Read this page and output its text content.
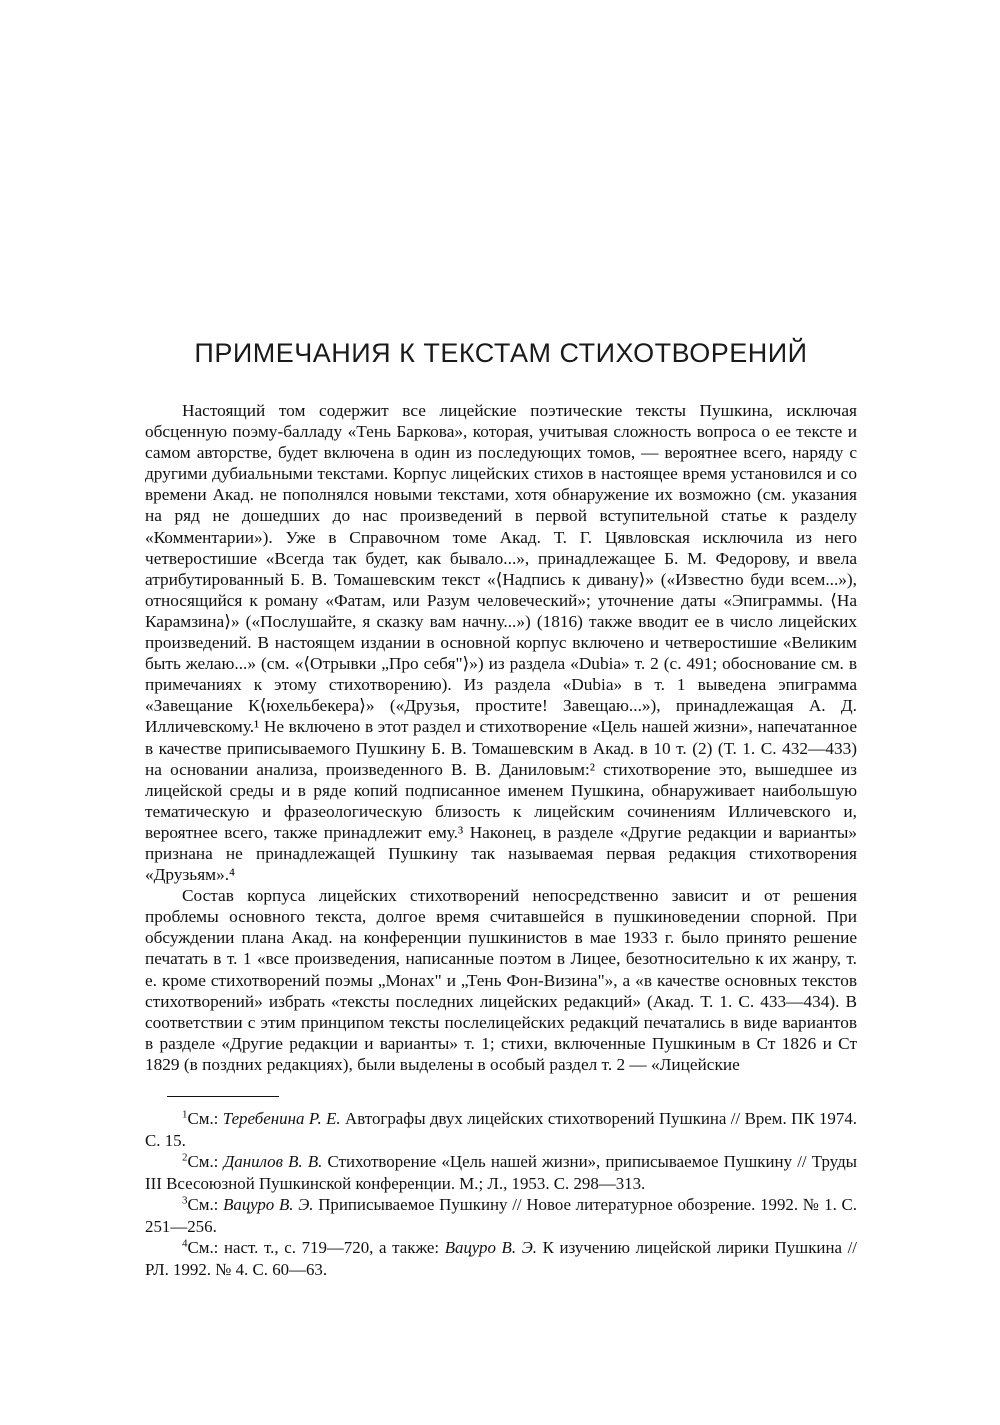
ПРИМЕЧАНИЯ К ТЕКСТАМ СТИХОТВОРЕНИЙ

Настоящий том содержит все лицейские поэтические тексты Пушкина, исключая обсценную поэму-балладу «Тень Баркова», которая, учитывая сложность вопроса о ее тексте и самом авторстве, будет включена в один из последующих томов, — вероятнее всего, наряду с другими дубиальными текстами. Корпус лицейских стихов в настоящее время установился и со времени Акад. не пополнялся новыми текстами, хотя обнаружение их возможно (см. указания на ряд не дошедших до нас произведений в первой вступительной статье к разделу «Комментарии»). Уже в Справочном томе Акад. Т. Г. Цявловская исключила из него четверостишие «Всегда так будет, как бывало...», принадлежащее Б. М. Федорову, и ввела атрибутированный Б. В. Томашевским текст «⟨Надпись к дивану⟩» («Известно буди всем...»), относящийся к роману «Фатам, или Разум человеческий»; уточнение даты «Эпиграммы. ⟨На Карамзина⟩» («Послушайте, я сказку вам начну...») (1816) также вводит ее в число лицейских произведений. В настоящем издании в основной корпус включено и четверостишие «Великим быть желаю...» (см. «⟨Отрывки „Про себя"⟩») из раздела «Dubia» т. 2 (с. 491; обоснование см. в примечаниях к этому стихотворению). Из раздела «Dubia» в т. 1 выведена эпиграмма «Завещание К⟨юхельбекера⟩» («Друзья, простите! Завещаю...»), принадлежащая А. Д. Илличевскому.¹ Не включено в этот раздел и стихотворение «Цель нашей жизни», напечатанное в качестве приписываемого Пушкину Б. В. Томашевским в Акад. в 10 т. (2) (Т. 1. С. 432—433) на основании анализа, произведенного В. В. Даниловым:² стихотворение это, вышедшее из лицейской среды и в ряде копий подписанное именем Пушкина, обнаруживает наибольшую тематическую и фразеологическую близость к лицейским сочинениям Илличевского и, вероятнее всего, также принадлежит ему.³ Наконец, в разделе «Другие редакции и варианты» признана не принадлежащей Пушкину так называемая первая редакция стихотворения «Друзьям».⁴

Состав корпуса лицейских стихотворений непосредственно зависит и от решения проблемы основного текста, долгое время считавшейся в пушкиноведении спорной. При обсуждении плана Акад. на конференции пушкинистов в мае 1933 г. было принято решение печатать в т. 1 «все произведения, написанные поэтом в Лицее, безотносительно к их жанру, т. е. кроме стихотворений поэмы „Монах" и „Тень Фон-Визина"», а «в качестве основных текстов стихотворений» избрать «тексты последних лицейских редакций» (Акад. Т. 1. С. 433—434). В соответствии с этим принципом тексты послелицейских редакций печатались в виде вариантов в разделе «Другие редакции и варианты» т. 1; стихи, включенные Пушкиным в Ст 1826 и Ст 1829 (в поздних редакциях), были выделены в особый раздел т. 2 — «Лицейские

$^1$См.: Теребенина Р. Е. Автографы двух лицейских стихотворений Пушкина // Врем. ПК 1974. С. 15.

$^2$См.: Данилов В. В. Стихотворение «Цель нашей жизни», приписываемое Пушкину // Труды III Всесоюзной Пушкинской конференции. М.; Л., 1953. С. 298—313.

$^3$См.: Вацуро В. Э. Приписываемое Пушкину // Новое литературное обозрение. 1992. № 1. С. 251—256.

$^4$См.: наст. т., с. 719—720, а также: Вацуро В. Э. К изучению лицейской лирики Пушкина // РЛ. 1992. № 4. С. 60—63.
